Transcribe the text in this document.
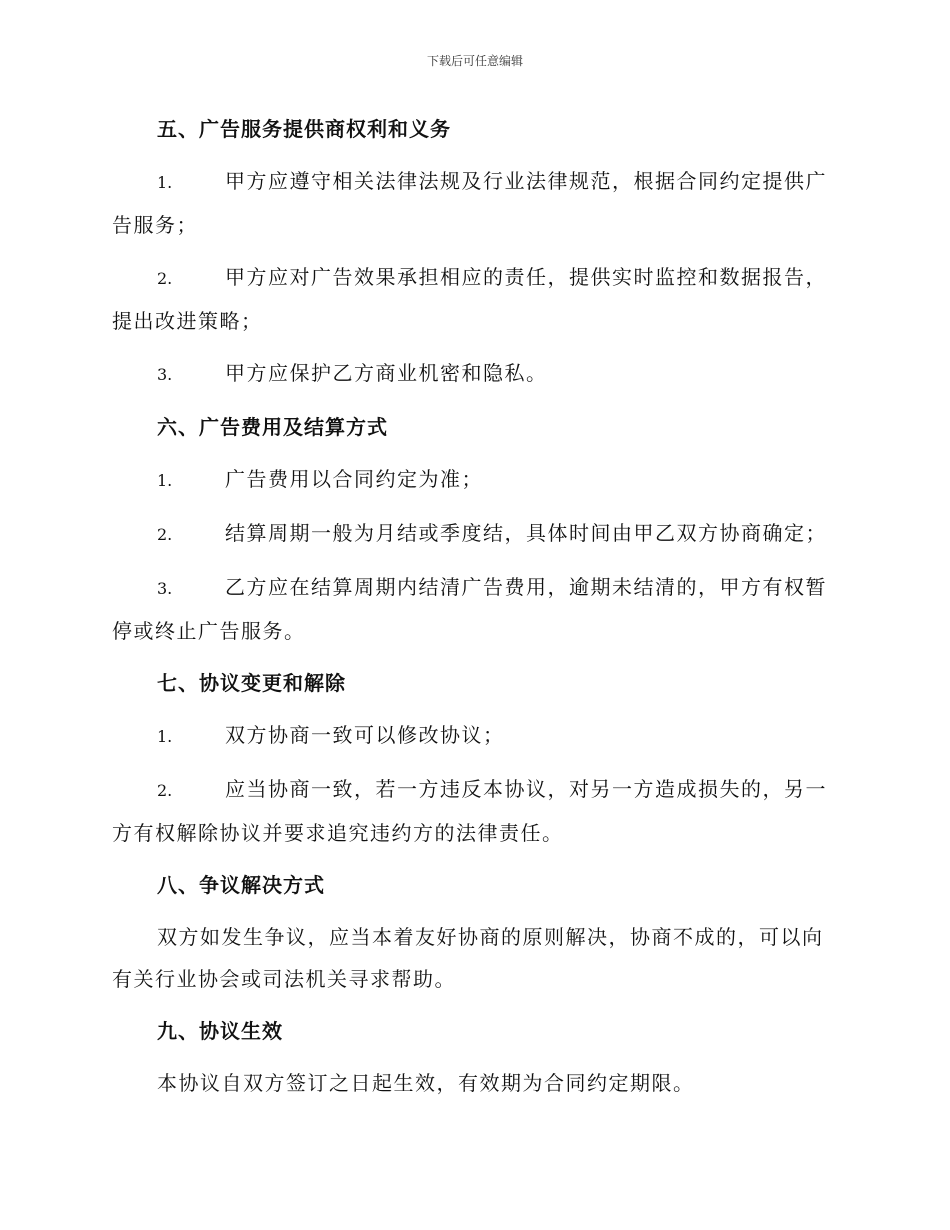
下载后可任意编辑
五、广告服务提供商权利和义务
1.	甲方应遵守相关法律法规及行业法律规范，根据合同约定提供广告服务；
2.	甲方应对广告效果承担相应的责任，提供实时监控和数据报告，提出改进策略；
3.	甲方应保护乙方商业机密和隐私。
六、广告费用及结算方式
1.	广告费用以合同约定为准；
2.	结算周期一般为月结或季度结，具体时间由甲乙双方协商确定；
3.	乙方应在结算周期内结清广告费用，逾期未结清的，甲方有权暂停或终止广告服务。
七、协议变更和解除
1.	双方协商一致可以修改协议；
2.	应当协商一致，若一方违反本协议，对另一方造成损失的，另一方有权解除协议并要求追究违约方的法律责任。
八、争议解决方式
双方如发生争议，应当本着友好协商的原则解决，协商不成的，可以向有关行业协会或司法机关寻求帮助。
九、协议生效
本协议自双方签订之日起生效，有效期为合同约定期限。
